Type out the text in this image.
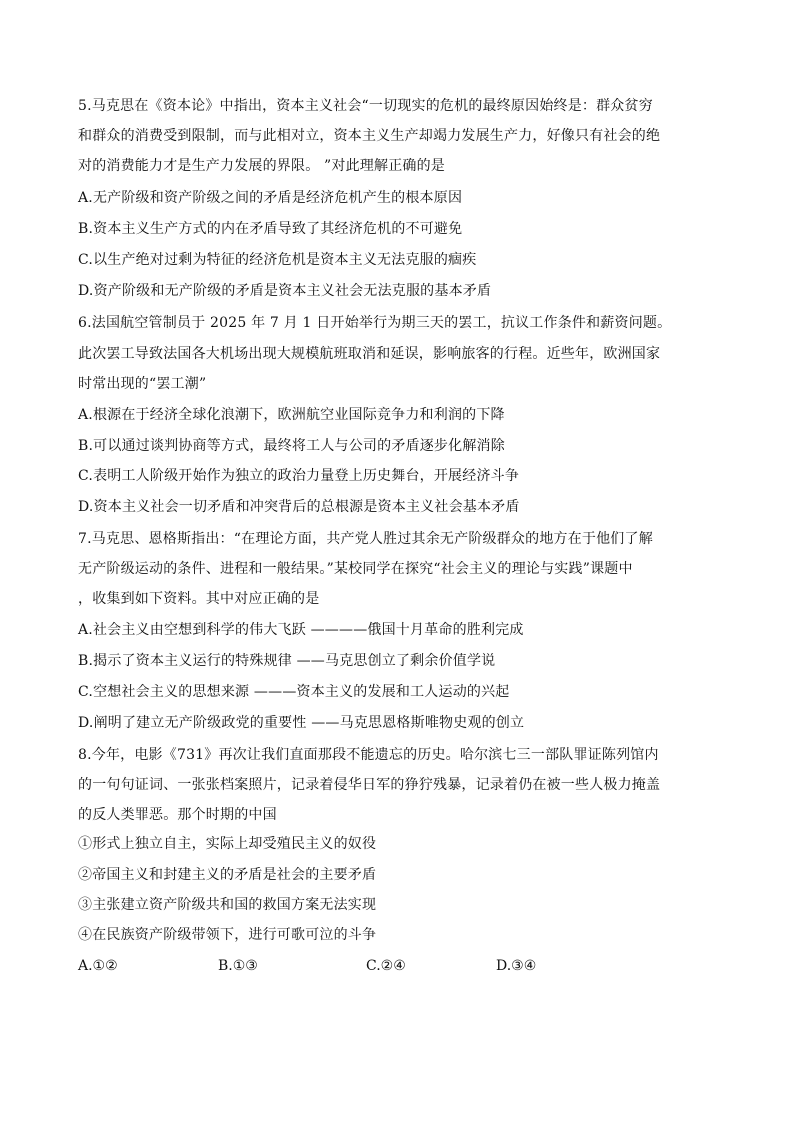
5.马克思在《资本论》中指出，资本主义社会“一切现实的危机的最终原因始终是：群众贫穷
和群众的消费受到限制，而与此相对立，资本主义生产却竭力发展生产力，好像只有社会的绝
对的消费能力才是生产力发展的界限。 ”对此理解正确的是
A.无产阶级和资产阶级之间的矛盾是经济危机产生的根本原因
B.资本主义生产方式的内在矛盾导致了其经济危机的不可避免
C.以生产绝对过剩为特征的经济危机是资本主义无法克服的痼疾
D.资产阶级和无产阶级的矛盾是资本主义社会无法克服的基本矛盾
6.法国航空管制员于 2025 年 7 月 1 日开始举行为期三天的罢工，抗议工作条件和薪资问题。
此次罢工导致法国各大机场出现大规模航班取消和延误，影响旅客的行程。近些年，欧洲国家
时常出现的“罢工潮”
A.根源在于经济全球化浪潮下，欧洲航空业国际竞争力和利润的下降
B.可以通过谈判协商等方式，最终将工人与公司的矛盾逐步化解消除
C.表明工人阶级开始作为独立的政治力量登上历史舞台，开展经济斗争
D.资本主义社会一切矛盾和冲突背后的总根源是资本主义社会基本矛盾
7.马克思、恩格斯指出：“在理论方面，共产党人胜过其余无产阶级群众的地方在于他们了解
无产阶级运动的条件、进程和一般结果。”某校同学在探究“社会主义的理论与实践”课题中
，收集到如下资料。其中对应正确的是
A.社会主义由空想到科学的伟大飞跃 ————俄国十月革命的胜利完成
B.揭示了资本主义运行的特殊规律 ——马克思创立了剩余价值学说
C.空想社会主义的思想来源 ———资本主义的发展和工人运动的兴起
D.阐明了建立无产阶级政党的重要性 ——马克思恩格斯唯物史观的创立
8.今年，电影《731》再次让我们直面那段不能遗忘的历史。哈尔滨七三一部队罪证陈列馆内
的一句句证词、一张张档案照片，记录着侵华日军的狰狞残暴，记录着仍在被一些人极力掩盖
的反人类罪恶。那个时期的中国
①形式上独立自主，实际上却受殖民主义的奴役
②帝国主义和封建主义的矛盾是社会的主要矛盾
③主张建立资产阶级共和国的救国方案无法实现
④在民族资产阶级带领下，进行可歌可泣的斗争
A.①②	B.①③	C.②④	D.③④
